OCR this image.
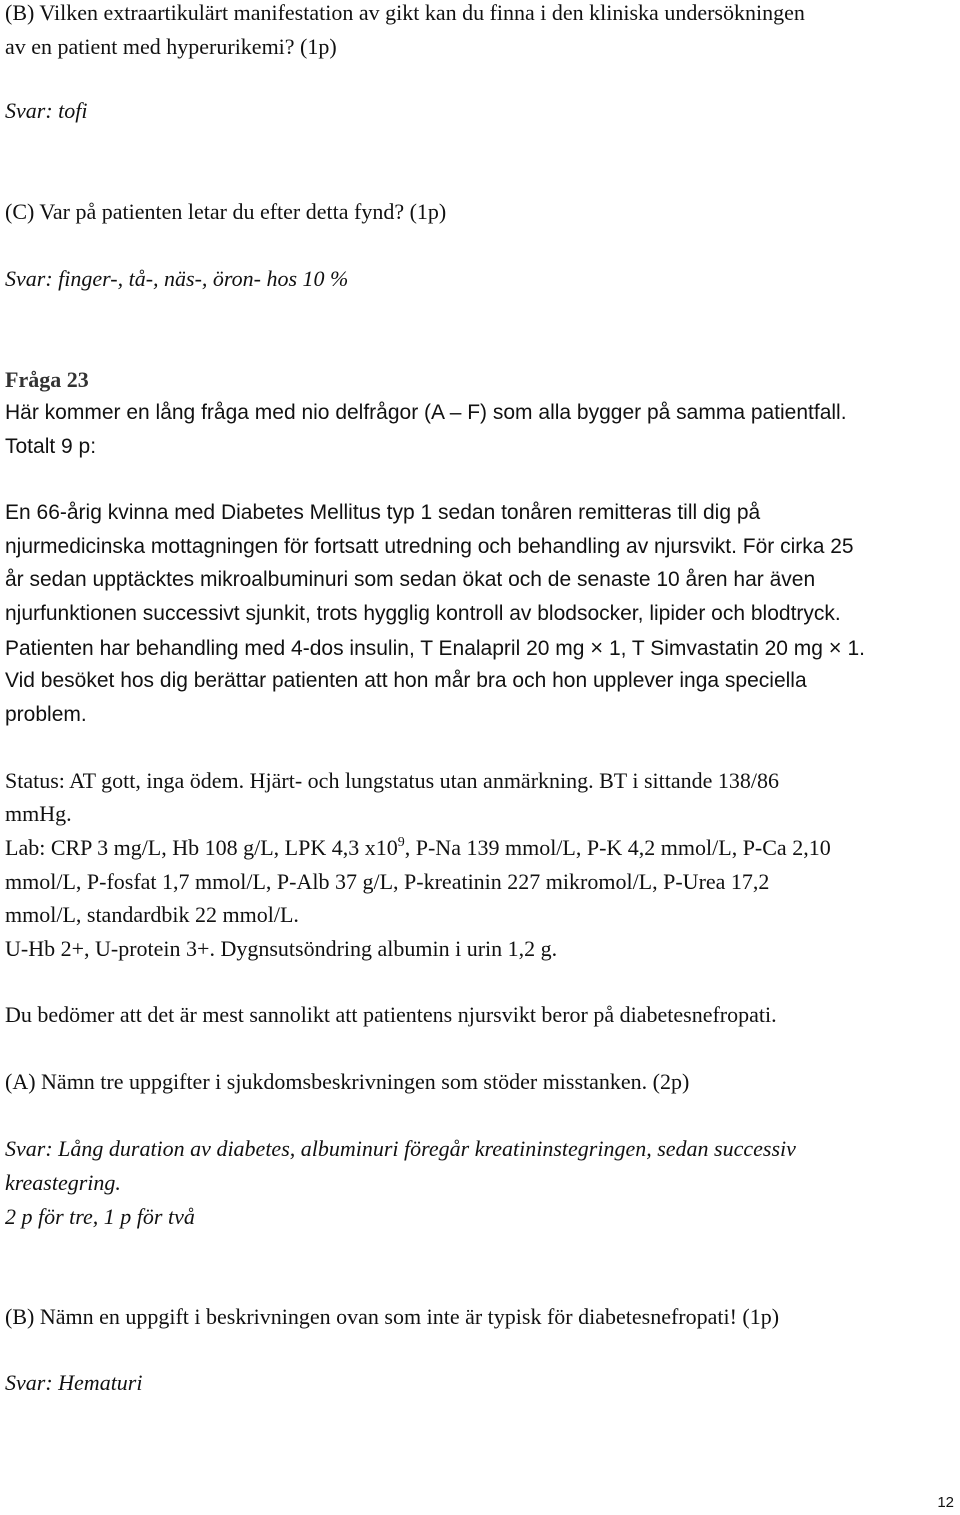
(B) Vilken extraartikulärt manifestation av gikt kan du finna i den kliniska undersökningen

av en patient med hyperurikemi? (1p)

Svar: tofi

(C) Var på patienten letar du efter detta fynd? (1p)

Svar: finger-, tå-, näs-, öron- hos 10 %

Fråga 23

Här kommer en lång fråga med nio delfrågor (A – F) som alla bygger på samma patientfall.

Totalt 9 p:

En 66-årig kvinna med Diabetes Mellitus typ 1 sedan tonåren remitteras till dig på

njurmedicinska mottagningen för fortsatt utredning och behandling av njursvikt. För cirka 25

år sedan upptäcktes mikroalbuminuri som sedan ökat och de senaste 10 åren har även

njurfunktionen successivt sjunkit, trots hygglig kontroll av blodsocker, lipider och blodtryck.

Patienten har behandling med 4-dos insulin, T Enalapril 20 mg × 1, T Simvastatin 20 mg × 1.

Vid besöket hos dig berättar patienten att hon mår bra och hon upplever inga speciella

problem.

Status: AT gott, inga ödem. Hjärt- och lungstatus utan anmärkning. BT i sittande 138/86

mmHg.

Lab: CRP 3 mg/L, Hb 108 g/L, LPK 4,3 $x10^9$, P-Na 139 mmol/L, P-K 4,2 mmol/L, P-Ca 2,10

mmol/L, P-fosfat 1,7 mmol/L, P-Alb 37 g/L, P-kreatinin 227 mikromol/L, P-Urea 17,2

mmol/L, standardbik 22 mmol/L.

U-Hb 2+, U-protein 3+. Dygnsutsöndring albumin i urin 1,2 g.

Du bedömer att det är mest sannolikt att patientens njursvikt beror på diabetesnefropati.

(A) Nämn tre uppgifter i sjukdomsbeskrivningen som stöder misstanken. (2p)

Svar: Lång duration av diabetes, albuminuri föregår kreatininstegringen, sedan successiv

kreastegring.

2 p för tre, 1 p för två

(B) Nämn en uppgift i beskrivningen ovan som inte är typisk för diabetesnefropati! (1p)

Svar: Hematuri

12
